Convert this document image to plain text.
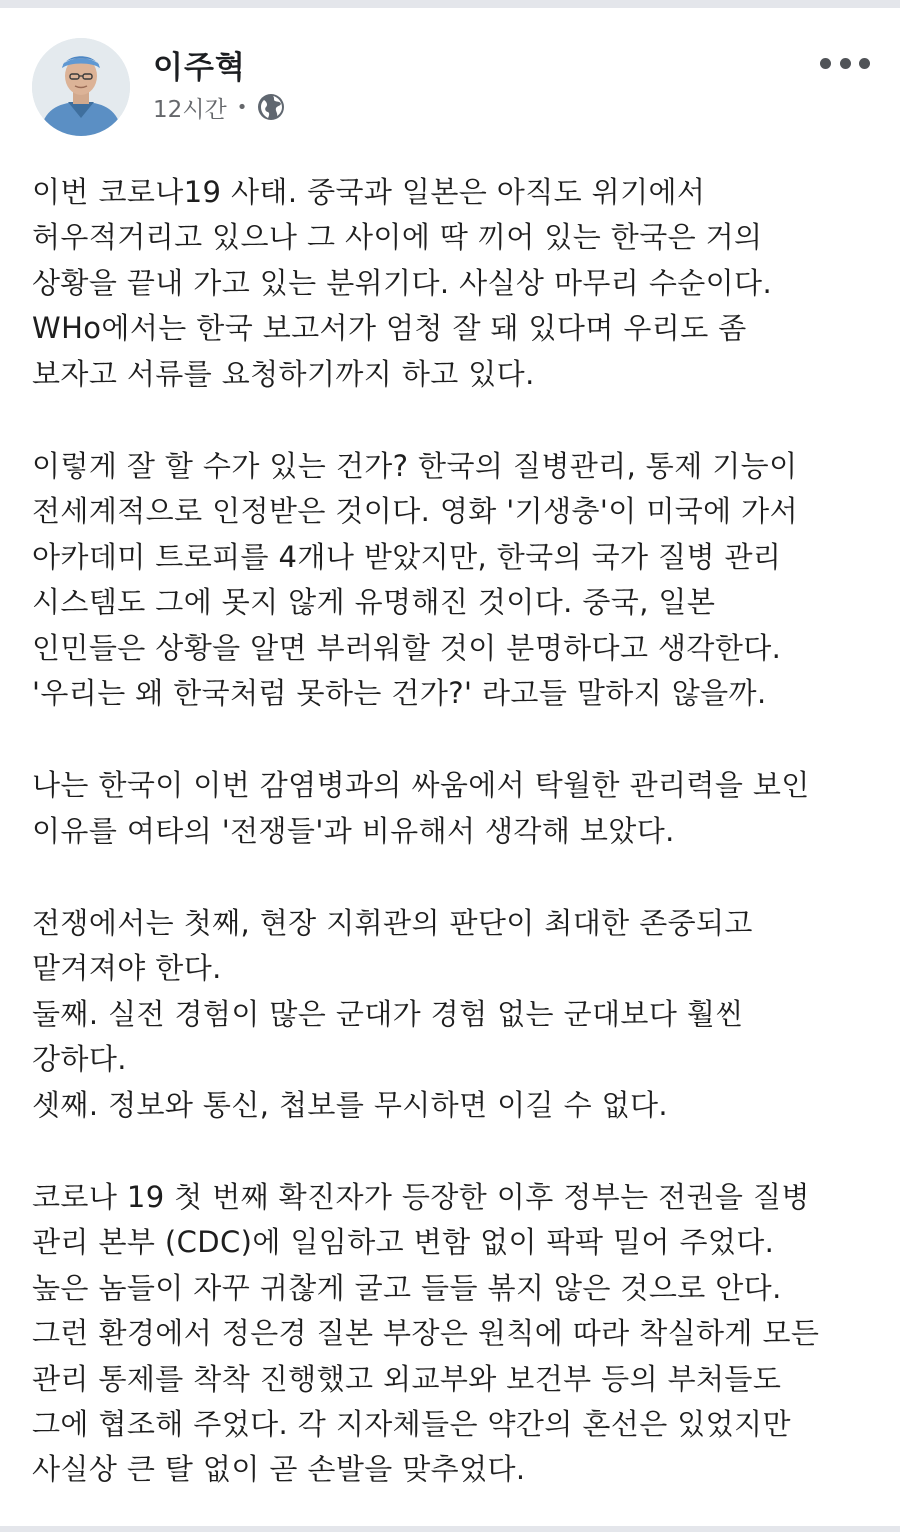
이주혁
12시간 •
이번 코로나19 사태. 중국과 일본은 아직도 위기에서
허우적거리고 있으나 그 사이에 딱 끼어 있는 한국은 거의
상황을 끝내 가고 있는 분위기다. 사실상 마무리 수순이다.
WHo에서는 한국 보고서가 엄청 잘 돼 있다며 우리도 좀
보자고 서류를 요청하기까지 하고 있다.
이렇게 잘 할 수가 있는 건가? 한국의 질병관리, 통제 기능이
전세계적으로 인정받은 것이다. 영화 '기생충'이 미국에 가서
아카데미 트로피를 4개나 받았지만, 한국의 국가 질병 관리
시스템도 그에 못지 않게 유명해진 것이다. 중국, 일본
인민들은 상황을 알면 부러워할 것이 분명하다고 생각한다.
'우리는 왜 한국처럼 못하는 건가?' 라고들 말하지 않을까.
나는 한국이 이번 감염병과의 싸움에서 탁월한 관리력을 보인
이유를 여타의 '전쟁들'과 비유해서 생각해 보았다.
전쟁에서는 첫째, 현장 지휘관의 판단이 최대한 존중되고
맡겨져야 한다.
둘째. 실전 경험이 많은 군대가 경험 없는 군대보다 훨씬
강하다.
셋째. 정보와 통신, 첩보를 무시하면 이길 수 없다.
코로나 19 첫 번째 확진자가 등장한 이후 정부는 전권을 질병
관리 본부 (CDC)에 일임하고 변함 없이 팍팍 밀어 주었다.
높은 놈들이 자꾸 귀찮게 굴고 들들 볶지 않은 것으로 안다.
그런 환경에서 정은경 질본 부장은 원칙에 따라 착실하게 모든
관리 통제를 착착 진행했고 외교부와 보건부 등의 부처들도
그에 협조해 주었다. 각 지자체들은 약간의 혼선은 있었지만
사실상 큰 탈 없이 곧 손발을 맞추었다.
